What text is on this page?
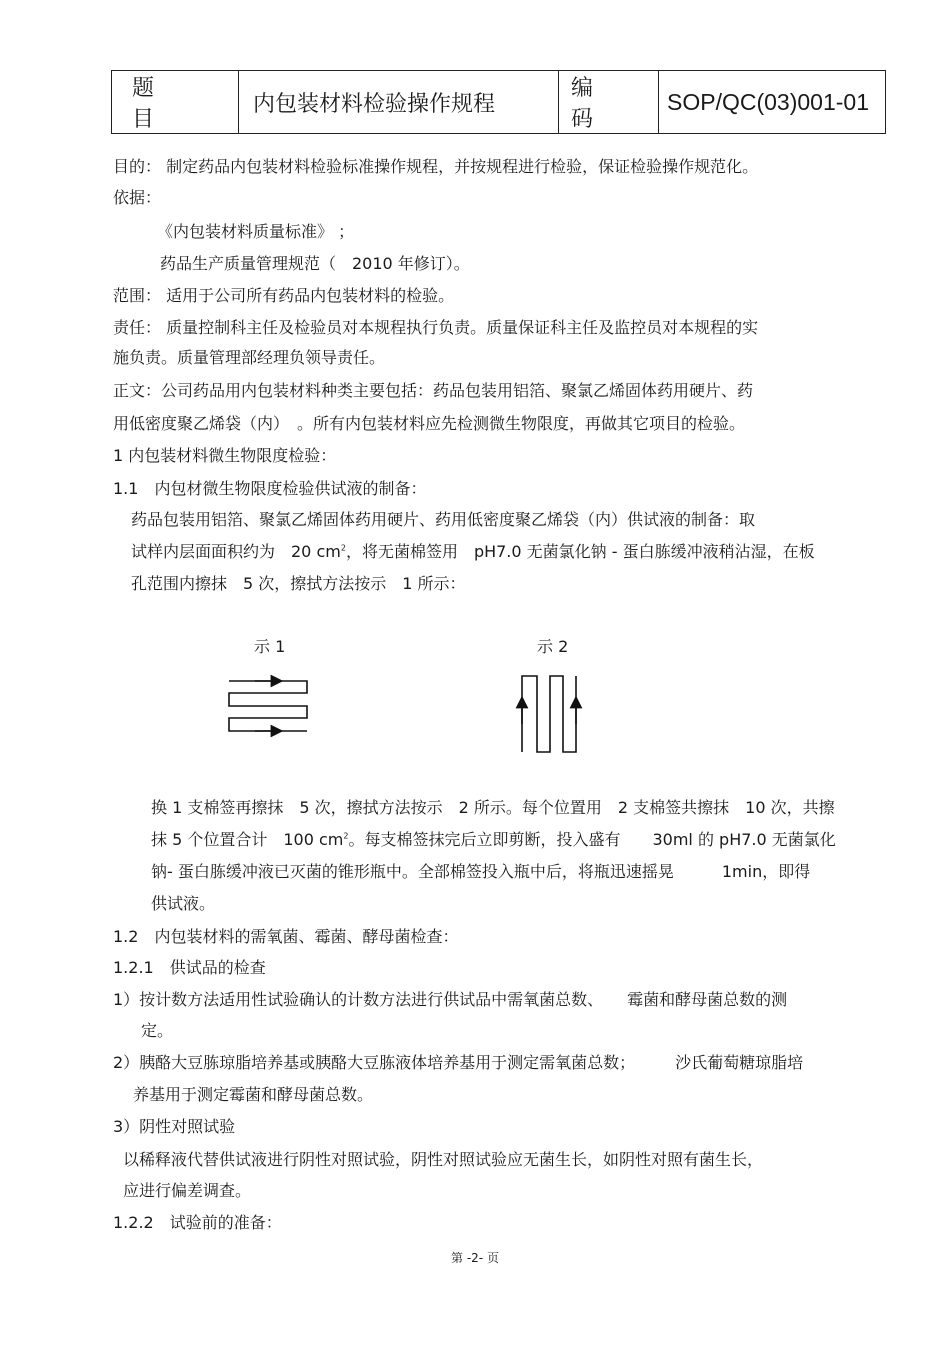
题 目	内包装材料检验操作规程	编 码	SOP/QC(03)001-01
目的： 制定药品内包装材料检验标准操作规程，并按规程进行检验，保证检验操作规范化。
依据：
《内包装材料质量标准》 ；
药品生产质量管理规范（　2010 年修订）。
范围： 适用于公司所有药品内包装材料的检验。
责任： 质量控制科主任及检验员对本规程执行负责。质量保证科主任及监控员对本规程的实
施负责。质量管理部经理负领导责任。
正文：公司药品用内包装材料种类主要包括：药品包装用铝箔、聚氯乙烯固体药用硬片、药
用低密度聚乙烯袋（内）　。所有内包装材料应先检测微生物限度，再做其它项目的检验。
1 内包装材料微生物限度检验：
1.1　内包材微生物限度检验供试液的制备：
药品包装用铝箔、聚氯乙烯固体药用硬片、药用低密度聚乙烯袋（内）供试液的制备：取
试样内层面面积约为　20 $cm^2$，将无菌棉签用　pH7.0 无菌氯化钠 - 蛋白胨缓冲液稍沾湿，在板
孔范围内擦抹　5 次，擦拭方法按示　1 所示：
示 1	示 2
换 1 支棉签再擦抹　5 次，擦拭方法按示　2 所示。每个位置用　2 支棉签共擦抹　10 次，共擦
抹 5 个位置合计　100 $cm^2$。每支棉签抹完后立即剪断，投入盛有　　30ml 的 pH7.0 无菌氯化
钠- 蛋白胨缓冲液已灭菌的锥形瓶中。全部棉签投入瓶中后，将瓶迅速摇晃　　　1min，即得
供试液。
1.2　内包装材料的需氧菌、霉菌、酵母菌检查：
1.2.1　供试品的检查
1）按计数方法适用性试验确认的计数方法进行供试品中需氧菌总数、　　霉菌和酵母菌总数的测
定。
2）胰酪大豆胨琼脂培养基或胰酪大豆胨液体培养基用于测定需氧菌总数；　　　沙氏葡萄糖琼脂培
养基用于测定霉菌和酵母菌总数。
3）阴性对照试验
以稀释液代替供试液进行阴性对照试验，阴性对照试验应无菌生长，如阴性对照有菌生长，
应进行偏差调查。
1.2.2　试验前的准备：
第 -2- 页
